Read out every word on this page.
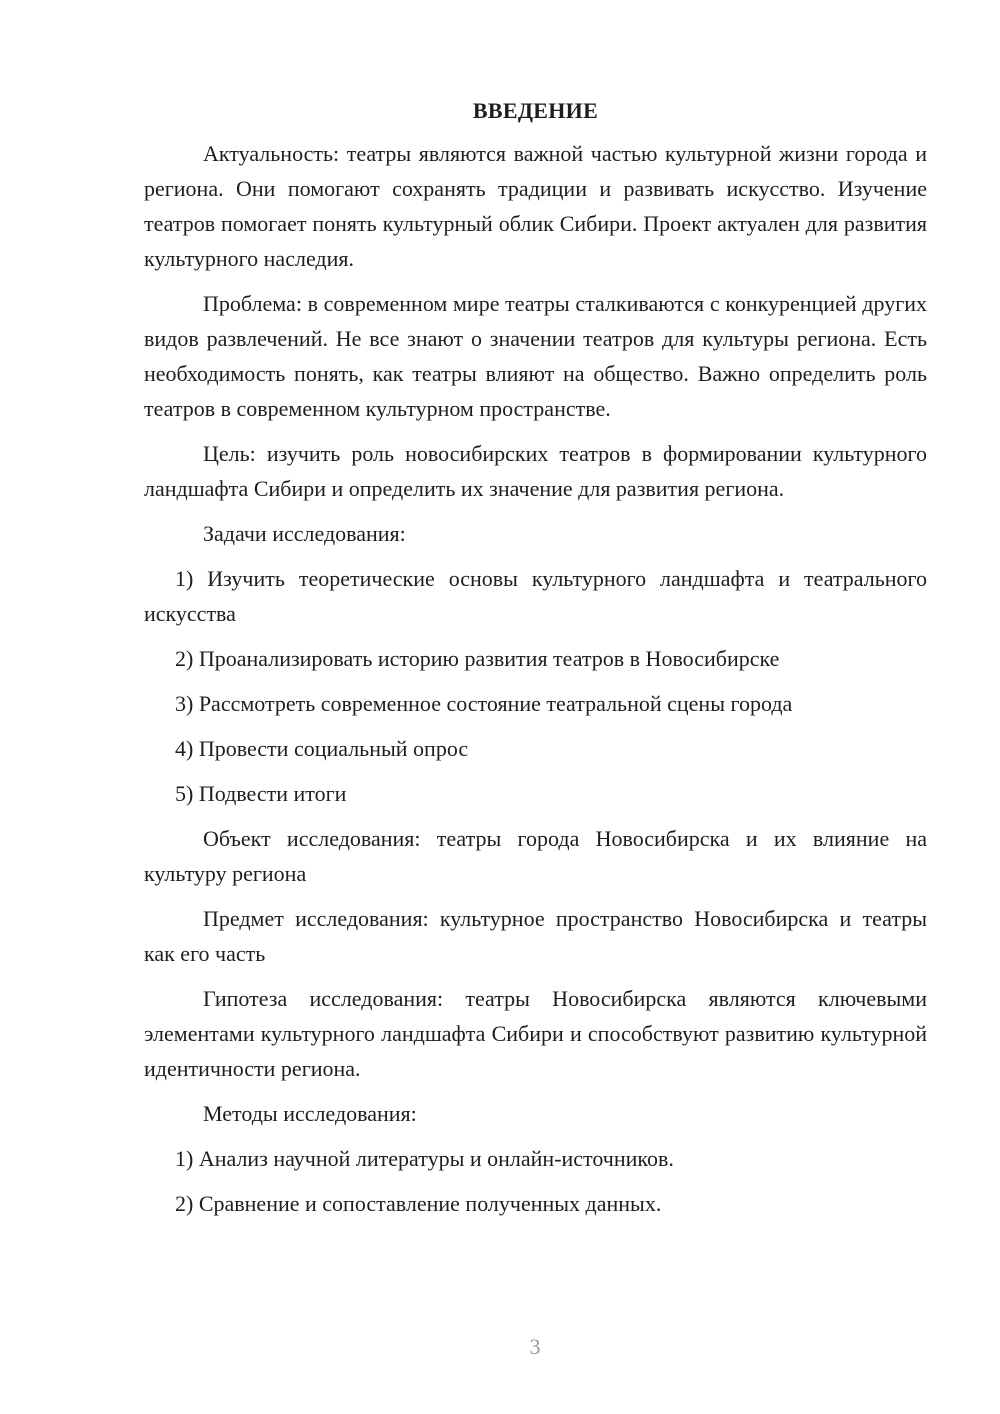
ВВЕДЕНИЕ

Актуальность: театры являются важной частью культурной жизни города и региона. Они помогают сохранять традиции и развивать искусство. Изучение театров помогает понять культурный облик Сибири. Проект актуален для развития культурного наследия.

Проблема: в современном мире театры сталкиваются с конкуренцией других видов развлечений. Не все знают о значении театров для культуры региона. Есть необходимость понять, как театры влияют на общество. Важно определить роль театров в современном культурном пространстве.

Цель: изучить роль новосибирских театров в формировании культурного ландшафта Сибири и определить их значение для развития региона.

Задачи исследования:

1) Изучить теоретические основы культурного ландшафта и театрального искусства

2) Проанализировать историю развития театров в Новосибирске

3) Рассмотреть современное состояние театральной сцены города

4) Провести социальный опрос

5) Подвести итоги

Объект исследования: театры города Новосибирска и их влияние на культуру региона

Предмет исследования: культурное пространство Новосибирска и театры как его часть

Гипотеза исследования: театры Новосибирска являются ключевыми элементами культурного ландшафта Сибири и способствуют развитию культурной идентичности региона.

Методы исследования:

1) Анализ научной литературы и онлайн-источников.

2) Сравнение и сопоставление полученных данных.

3
